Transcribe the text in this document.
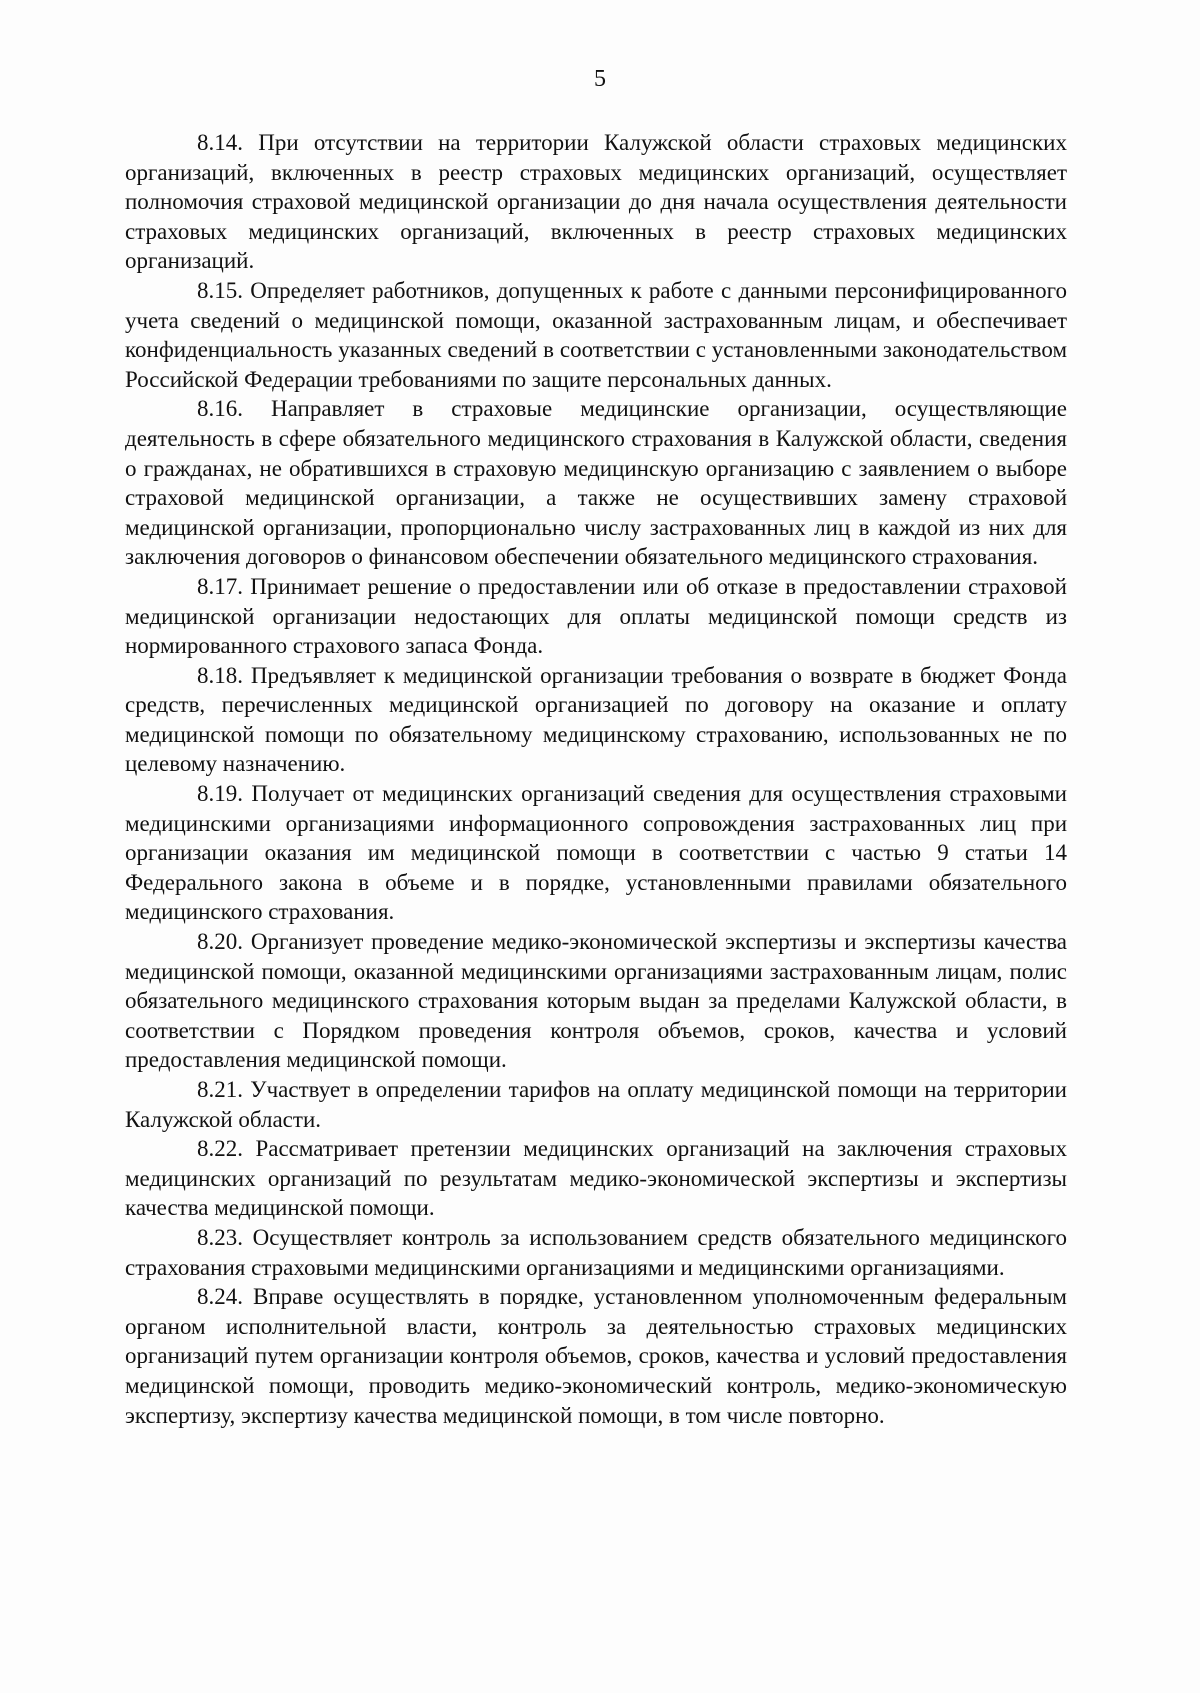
5

8.14. При отсутствии на территории Калужской области страховых медицинских организаций, включенных в реестр страховых медицинских организаций, осуществляет полномочия страховой медицинской организации до дня начала осуществления деятельности страховых медицинских организаций, включенных в реестр страховых медицинских организаций.

8.15. Определяет работников, допущенных к работе с данными персонифицированного учета сведений о медицинской помощи, оказанной застрахованным лицам, и обеспечивает конфиденциальность указанных сведений в соответствии с установленными законодательством Российской Федерации требованиями по защите персональных данных.

8.16. Направляет в страховые медицинские организации, осуществляющие деятельность в сфере обязательного медицинского страхования в Калужской области, сведения о гражданах, не обратившихся в страховую медицинскую организацию с заявлением о выборе страховой медицинской организации, а также не осуществивших замену страховой медицинской организации, пропорционально числу застрахованных лиц в каждой из них для заключения договоров о финансовом обеспечении обязательного медицинского страхования.

8.17. Принимает решение о предоставлении или об отказе в предоставлении страховой медицинской организации недостающих для оплаты медицинской помощи средств из нормированного страхового запаса Фонда.

8.18. Предъявляет к медицинской организации требования о возврате в бюджет Фонда средств, перечисленных медицинской организацией по договору на оказание и оплату медицинской помощи по обязательному медицинскому страхованию, использованных не по целевому назначению.

8.19. Получает от медицинских организаций сведения для осуществления страховыми медицинскими организациями информационного сопровождения застрахованных лиц при организации оказания им медицинской помощи в соответствии с частью 9 статьи 14 Федерального закона в объеме и в порядке, установленными правилами обязательного медицинского страхования.

8.20. Организует проведение медико-экономической экспертизы и экспертизы качества медицинской помощи, оказанной медицинскими организациями застрахованным лицам, полис обязательного медицинского страхования которым выдан за пределами Калужской области, в соответствии с Порядком проведения контроля объемов, сроков, качества и условий предоставления медицинской помощи.

8.21. Участвует в определении тарифов на оплату медицинской помощи на территории Калужской области.

8.22. Рассматривает претензии медицинских организаций на заключения страховых медицинских организаций по результатам медико-экономической экспертизы и экспертизы качества медицинской помощи.

8.23. Осуществляет контроль за использованием средств обязательного медицинского страхования страховыми медицинскими организациями и медицинскими организациями.

8.24. Вправе осуществлять в порядке, установленном уполномоченным федеральным органом исполнительной власти, контроль за деятельностью страховых медицинских организаций путем организации контроля объемов, сроков, качества и условий предоставления медицинской помощи, проводить медико-экономический контроль, медико-экономическую экспертизу, экспертизу качества медицинской помощи, в том числе повторно.
